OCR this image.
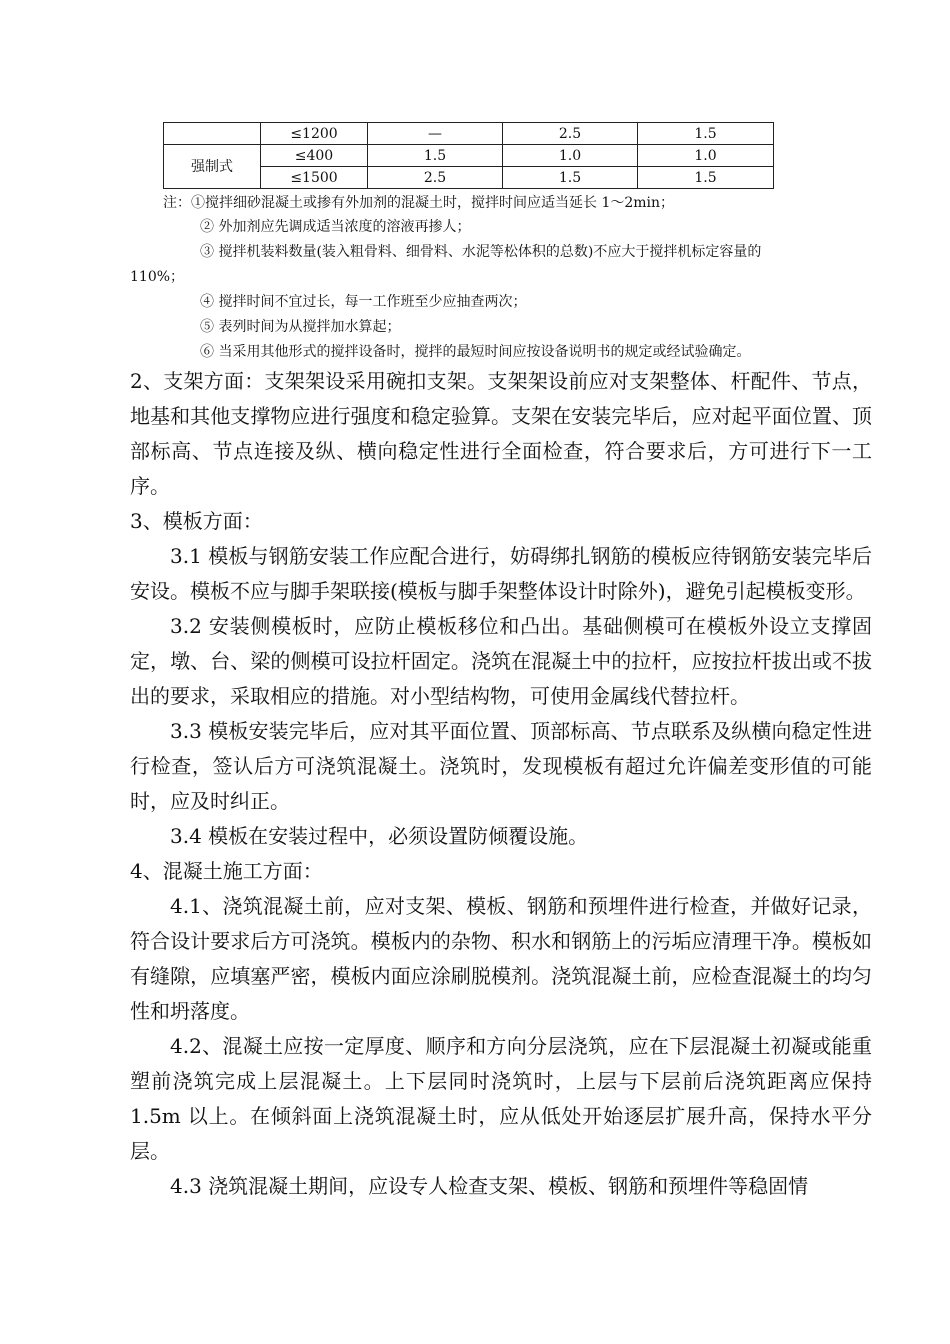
	≤1200	—	2.5	1.5
强制式	≤400	1.5	1.0	1.0
	≤1500	2.5	1.5	1.5
注：①搅拌细砂混凝土或掺有外加剂的混凝土时，搅拌时间应适当延长 1～2min；
② 外加剂应先调成适当浓度的溶液再掺人；
③ 搅拌机装料数量(装入粗骨料、细骨料、水泥等松体积的总数)不应大于搅拌机标定容量的
110%；
④ 搅拌时间不宜过长，每一工作班至少应抽查两次；
⑤ 表列时间为从搅拌加水算起；
⑥ 当采用其他形式的搅拌设备时，搅拌的最短时间应按设备说明书的规定或经试验确定。

2、支架方面：支架架设采用碗扣支架。支架架设前应对支架整体、杆配件、节点，地基和其他支撑物应进行强度和稳定验算。支架在安装完毕后，应对起平面位置、顶部标高、节点连接及纵、横向稳定性进行全面检查，符合要求后，方可进行下一工序。

3、模板方面：

3.1 模板与钢筋安装工作应配合进行，妨碍绑扎钢筋的模板应待钢筋安装完毕后安设。模板不应与脚手架联接(模板与脚手架整体设计时除外)，避免引起模板变形。

3.2 安装侧模板时，应防止模板移位和凸出。基础侧模可在模板外设立支撑固定，墩、台、梁的侧模可设拉杆固定。浇筑在混凝土中的拉杆，应按拉杆拔出或不拔出的要求，采取相应的措施。对小型结构物，可使用金属线代替拉杆。

3.3 模板安装完毕后，应对其平面位置、顶部标高、节点联系及纵横向稳定性进行检查，签认后方可浇筑混凝土。浇筑时，发现模板有超过允许偏差变形值的可能时，应及时纠正。

3.4 模板在安装过程中，必须设置防倾覆设施。

4、混凝土施工方面：

4.1、浇筑混凝土前，应对支架、模板、钢筋和预埋件进行检查，并做好记录，符合设计要求后方可浇筑。模板内的杂物、积水和钢筋上的污垢应清理干净。模板如有缝隙，应填塞严密，模板内面应涂刷脱模剂。浇筑混凝土前，应检查混凝土的均匀性和坍落度。

4.2、混凝土应按一定厚度、顺序和方向分层浇筑，应在下层混凝土初凝或能重塑前浇筑完成上层混凝土。上下层同时浇筑时，上层与下层前后浇筑距离应保持 1.5m 以上。在倾斜面上浇筑混凝土时，应从低处开始逐层扩展升高，保持水平分层。

4.3 浇筑混凝土期间，应设专人检查支架、模板、钢筋和预埋件等稳固情
